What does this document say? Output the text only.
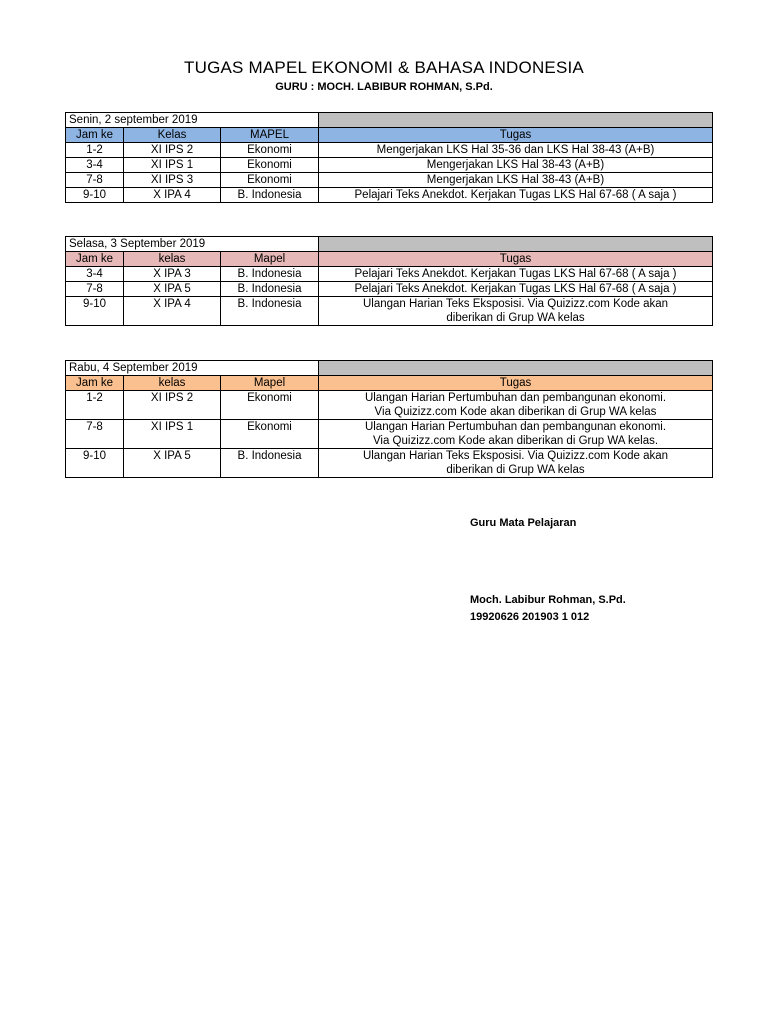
TUGAS MAPEL EKONOMI & BAHASA INDONESIA
GURU : MOCH. LABIBUR ROHMAN, S.Pd.
Senin, 2 september 2019			
Jam ke	Kelas	MAPEL	Tugas
1-2	XI IPS 2	Ekonomi	Mengerjakan LKS Hal 35-36 dan LKS Hal 38-43 (A+B)
3-4	XI IPS 1	Ekonomi	Mengerjakan LKS Hal 38-43 (A+B)
7-8	XI IPS 3	Ekonomi	Mengerjakan LKS Hal 38-43 (A+B)
9-10	X IPA 4	B. Indonesia	Pelajari Teks Anekdot. Kerjakan Tugas LKS Hal 67-68 ( A saja )
Selasa, 3 September 2019			
Jam ke	kelas	Mapel	Tugas
3-4	X IPA 3	B. Indonesia	Pelajari Teks Anekdot. Kerjakan Tugas LKS Hal 67-68 ( A saja )
7-8	X IPA 5	B. Indonesia	Pelajari Teks Anekdot. Kerjakan Tugas LKS Hal 67-68 ( A saja )
9-10	X IPA 4	B. Indonesia	Ulangan Harian Teks Eksposisi. Via Quizizz.com Kode akan
diberikan di Grup WA kelas
Rabu, 4 September 2019			
Jam ke	kelas	Mapel	Tugas
1-2	XI IPS 2	Ekonomi	Ulangan Harian Pertumbuhan dan pembangunan ekonomi.
Via Quizizz.com Kode akan diberikan di Grup WA kelas
7-8	XI IPS 1	Ekonomi	Ulangan Harian Pertumbuhan dan pembangunan ekonomi.
Via Quizizz.com Kode akan diberikan di Grup WA kelas.
9-10	X IPA 5	B. Indonesia	Ulangan Harian Teks Eksposisi. Via Quizizz.com Kode akan
diberikan di Grup WA kelas
Guru Mata Pelajaran
Moch. Labibur Rohman, S.Pd.
19920626 201903 1 012
